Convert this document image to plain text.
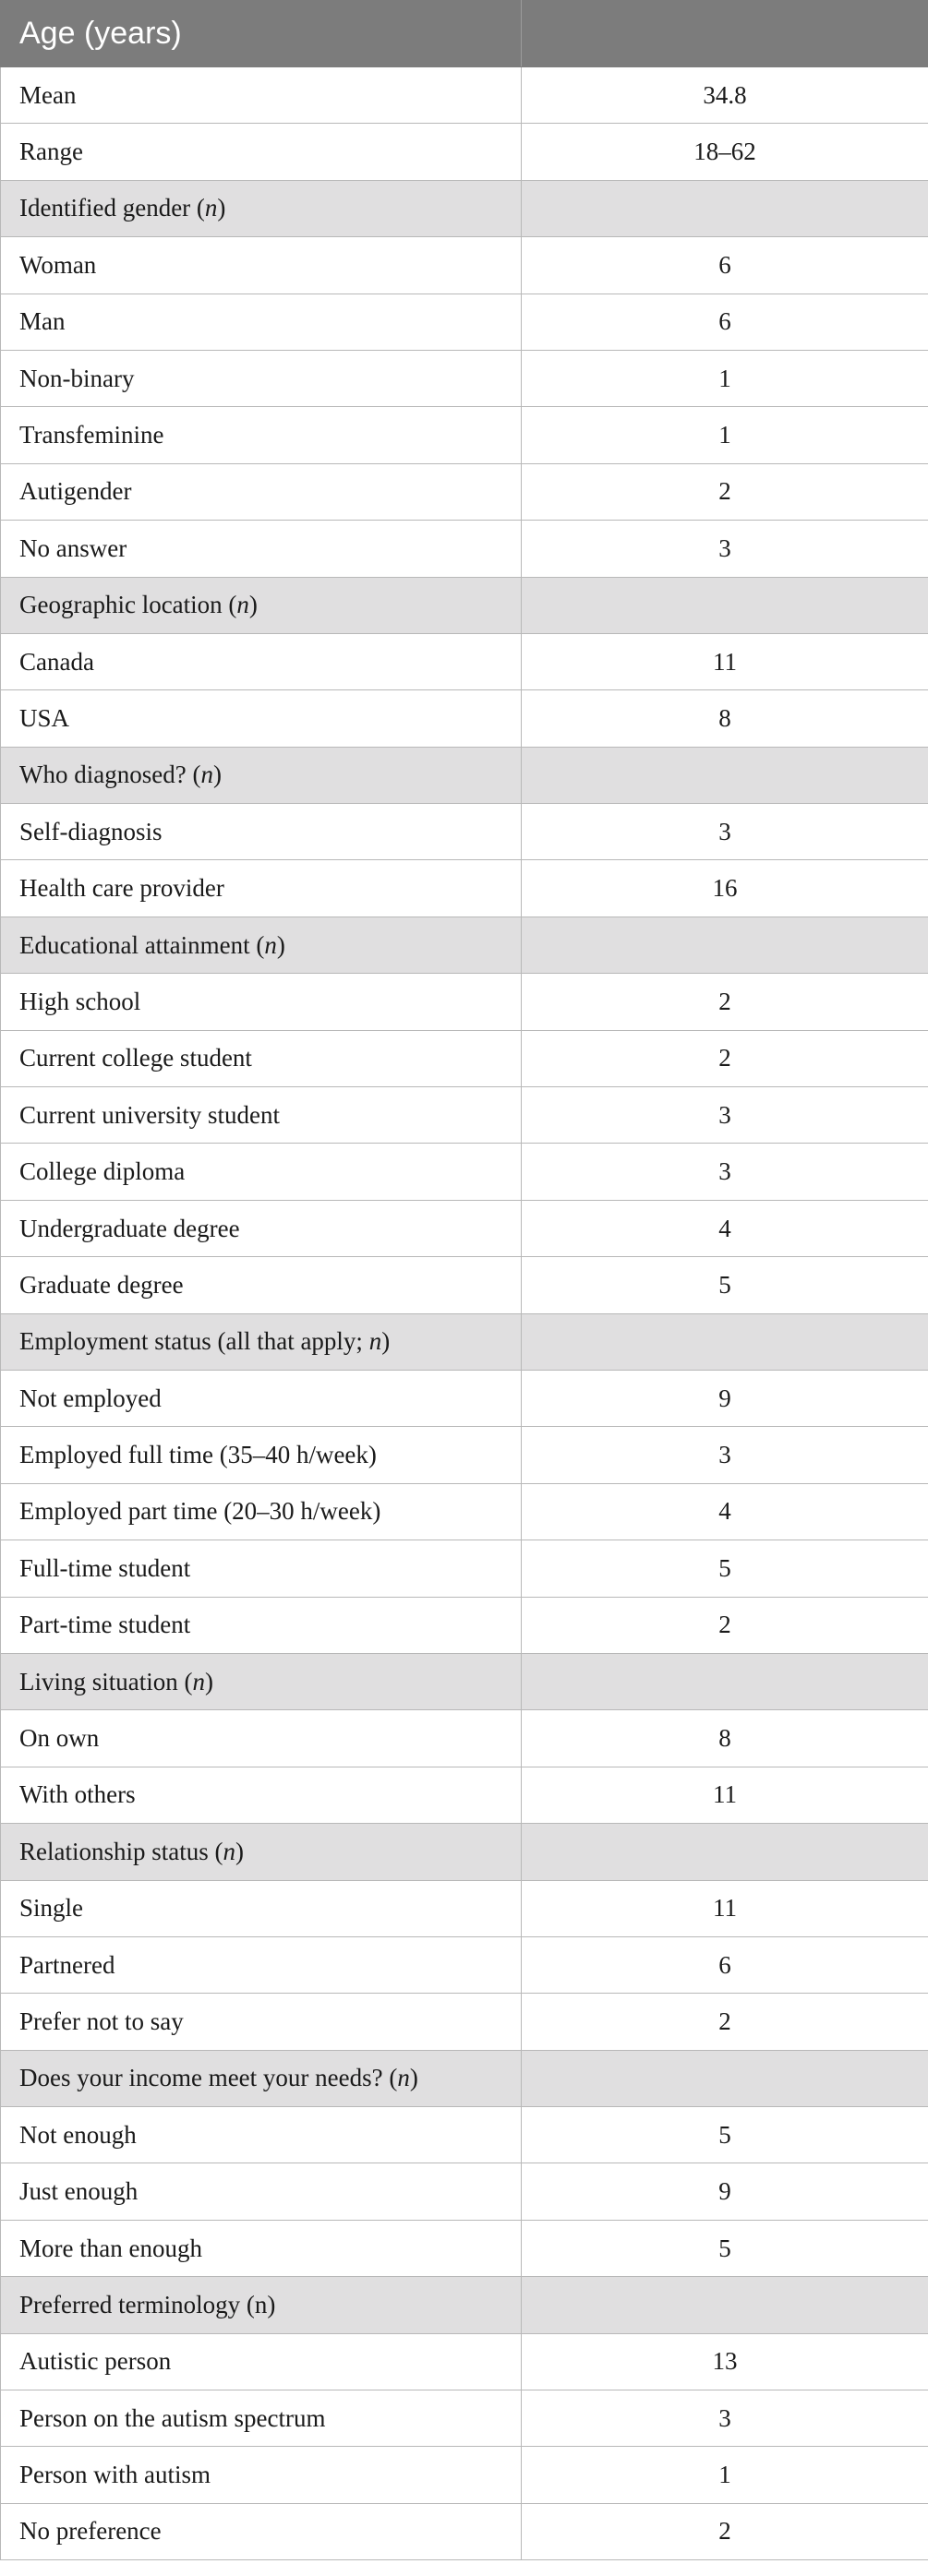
Age (years)	
Mean	34.8
Range	18–62
Identified gender (n)	
Woman	6
Man	6
Non-binary	1
Transfeminine	1
Autigender	2
No answer	3
Geographic location (n)	
Canada	11
USA	8
Who diagnosed? (n)	
Self-diagnosis	3
Health care provider	16
Educational attainment (n)	
High school	2
Current college student	2
Current university student	3
College diploma	3
Undergraduate degree	4
Graduate degree	5
Employment status (all that apply; n)	
Not employed	9
Employed full time (35–40 h/week)	3
Employed part time (20–30 h/week)	4
Full-time student	5
Part-time student	2
Living situation (n)	
On own	8
With others	11
Relationship status (n)	
Single	11
Partnered	6
Prefer not to say	2
Does your income meet your needs? (n)	
Not enough	5
Just enough	9
More than enough	5
Preferred terminology (n)	
Autistic person	13
Person on the autism spectrum	3
Person with autism	1
No preference	2
